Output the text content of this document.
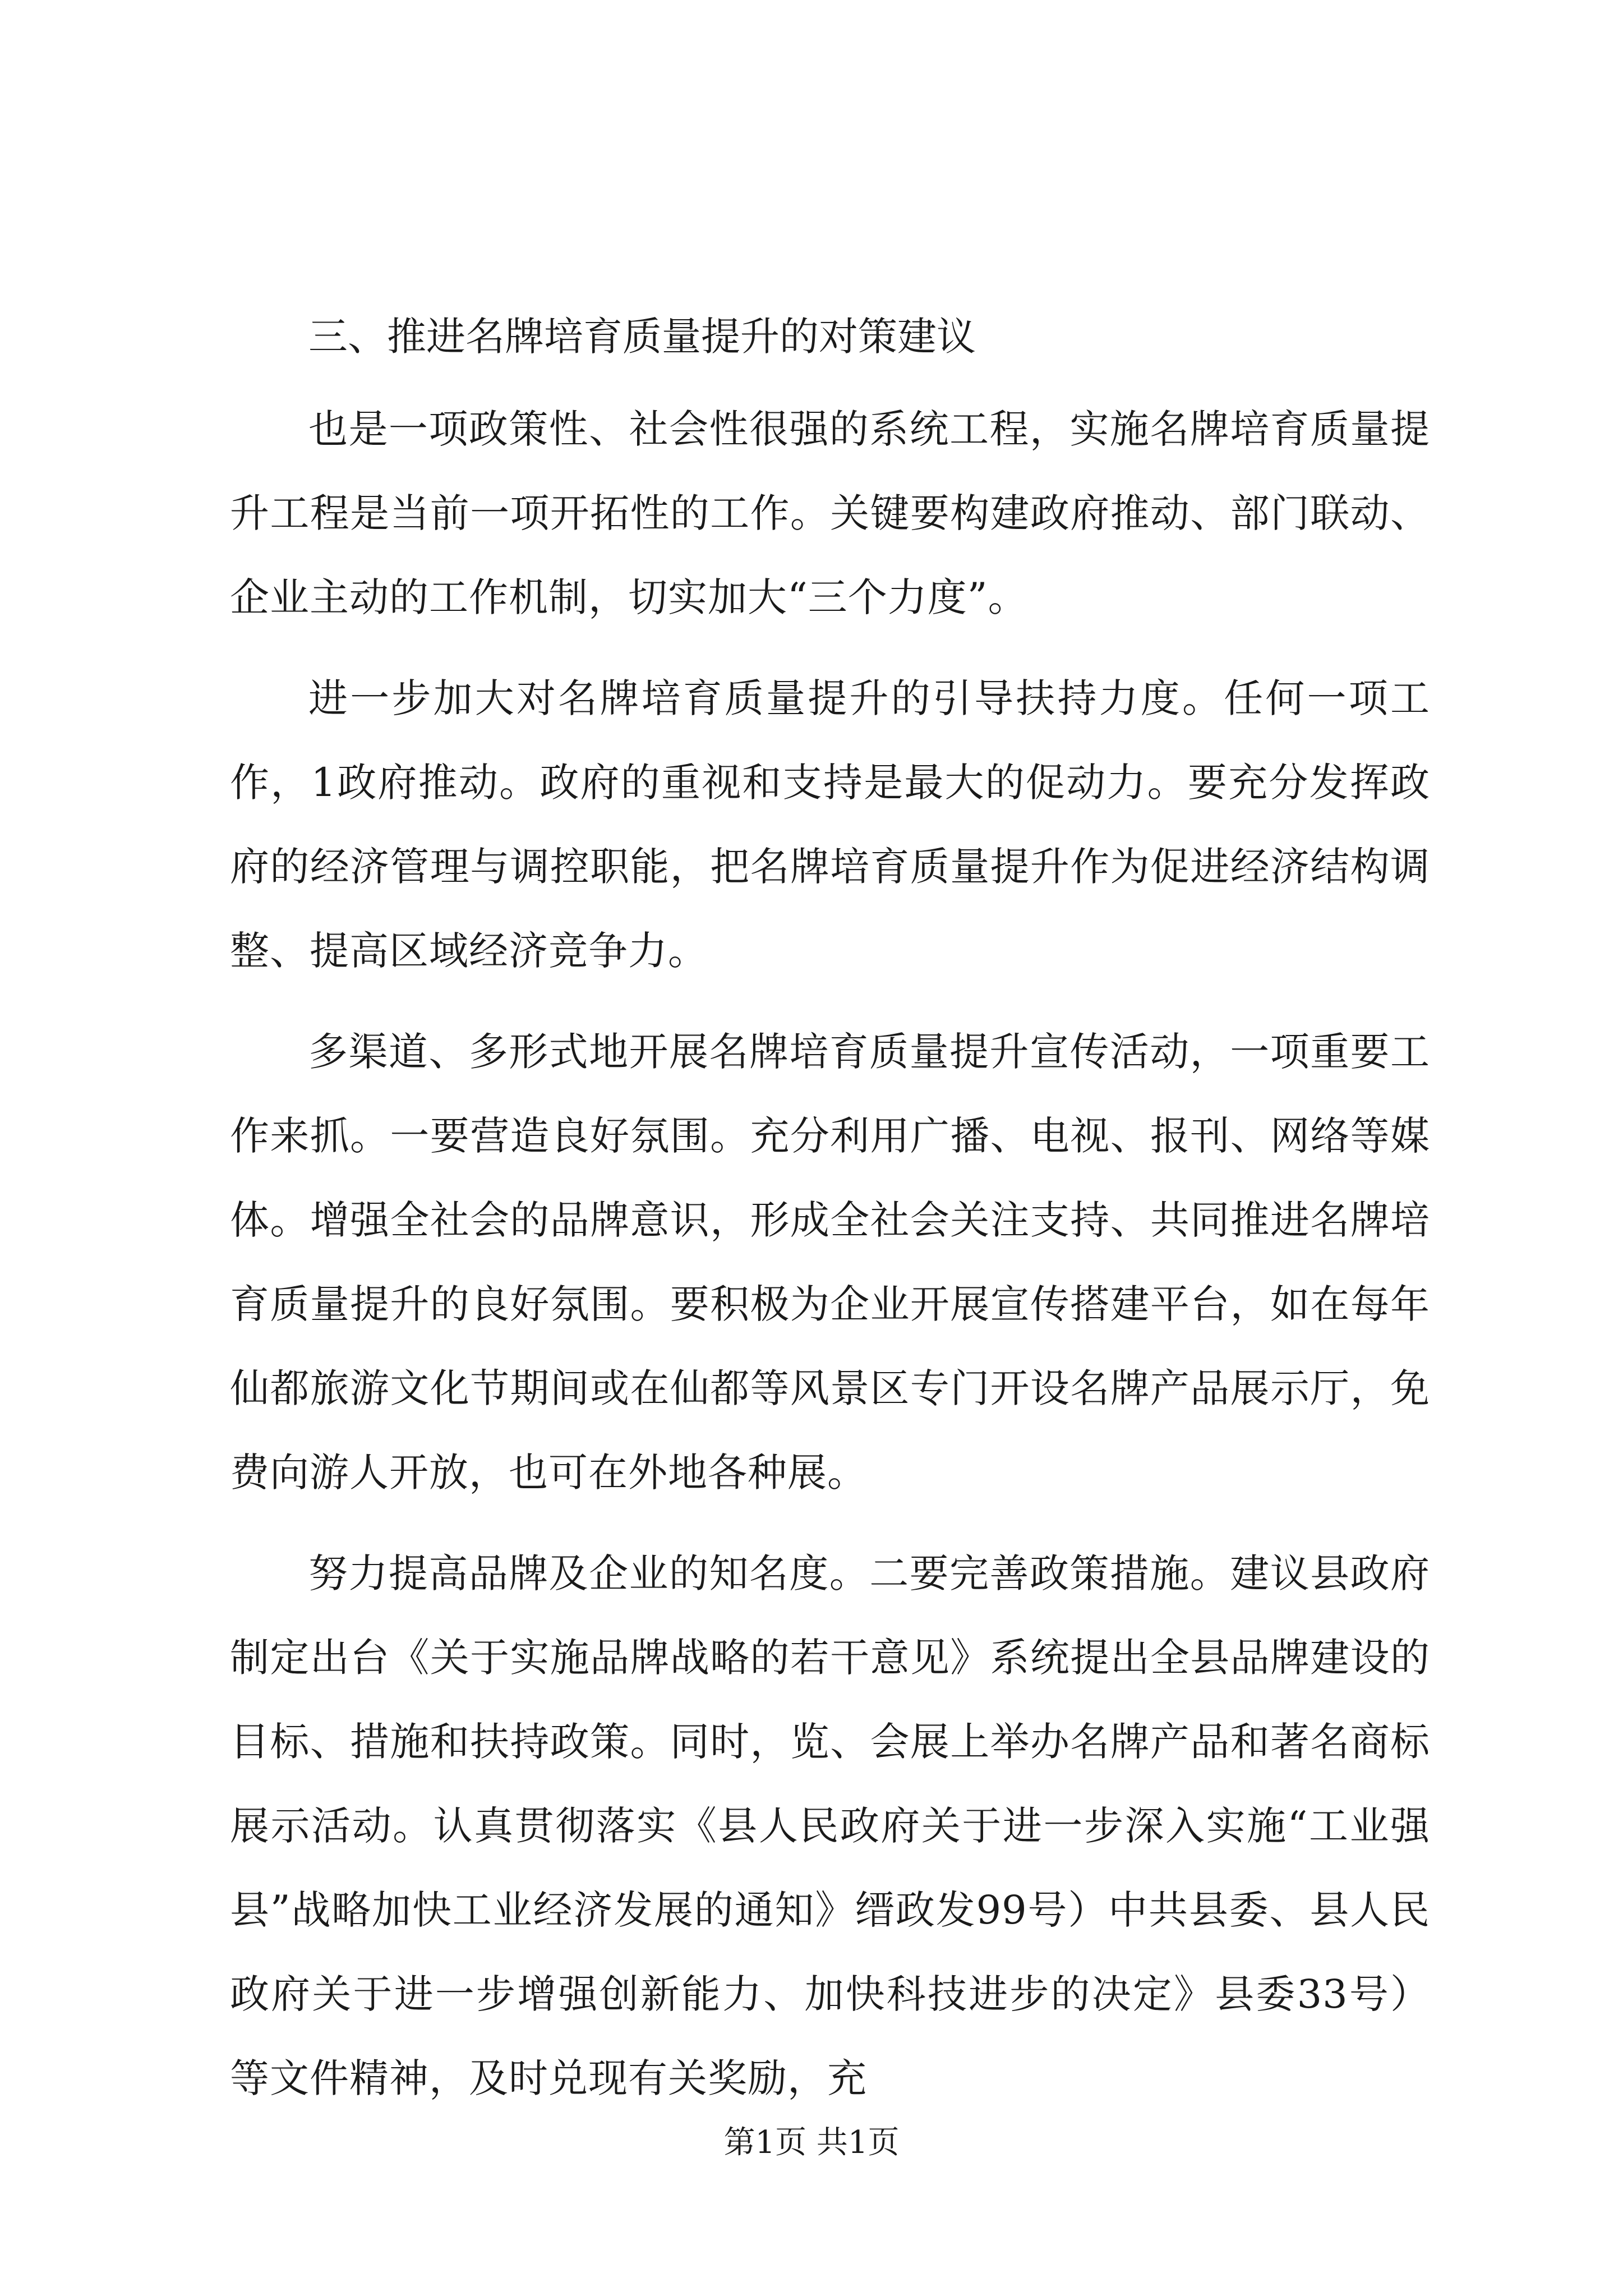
三、推进名牌培育质量提升的对策建议

也是一项政策性、社会性很强的系统工程，实施名牌培育质量提升工程是当前一项开拓性的工作。关键要构建政府推动、部门联动、企业主动的工作机制，切实加大“三个力度”。

进一步加大对名牌培育质量提升的引导扶持力度。任何一项工作，1政府推动。政府的重视和支持是最大的促动力。要充分发挥政府的经济管理与调控职能，把名牌培育质量提升作为促进经济结构调整、提高区域经济竞争力。

多渠道、多形式地开展名牌培育质量提升宣传活动，一项重要工作来抓。一要营造良好氛围。充分利用广播、电视、报刊、网络等媒体。增强全社会的品牌意识，形成全社会关注支持、共同推进名牌培育质量提升的良好氛围。要积极为企业开展宣传搭建平台，如在每年仙都旅游文化节期间或在仙都等风景区专门开设名牌产品展示厅，免费向游人开放，也可在外地各种展。

努力提高品牌及企业的知名度。二要完善政策措施。建议县政府制定出台《关于实施品牌战略的若干意见》系统提出全县品牌建设的目标、措施和扶持政策。同时，览、会展上举办名牌产品和著名商标展示活动。认真贯彻落实《县人民政府关于进一步深入实施“工业强县”战略加快工业经济发展的通知》缙政发99号）中共县委、县人民政府关于进一步增强创新能力、加快科技进步的决定》县委33号）等文件精神，及时兑现有关奖励，充

第1页 共1页
